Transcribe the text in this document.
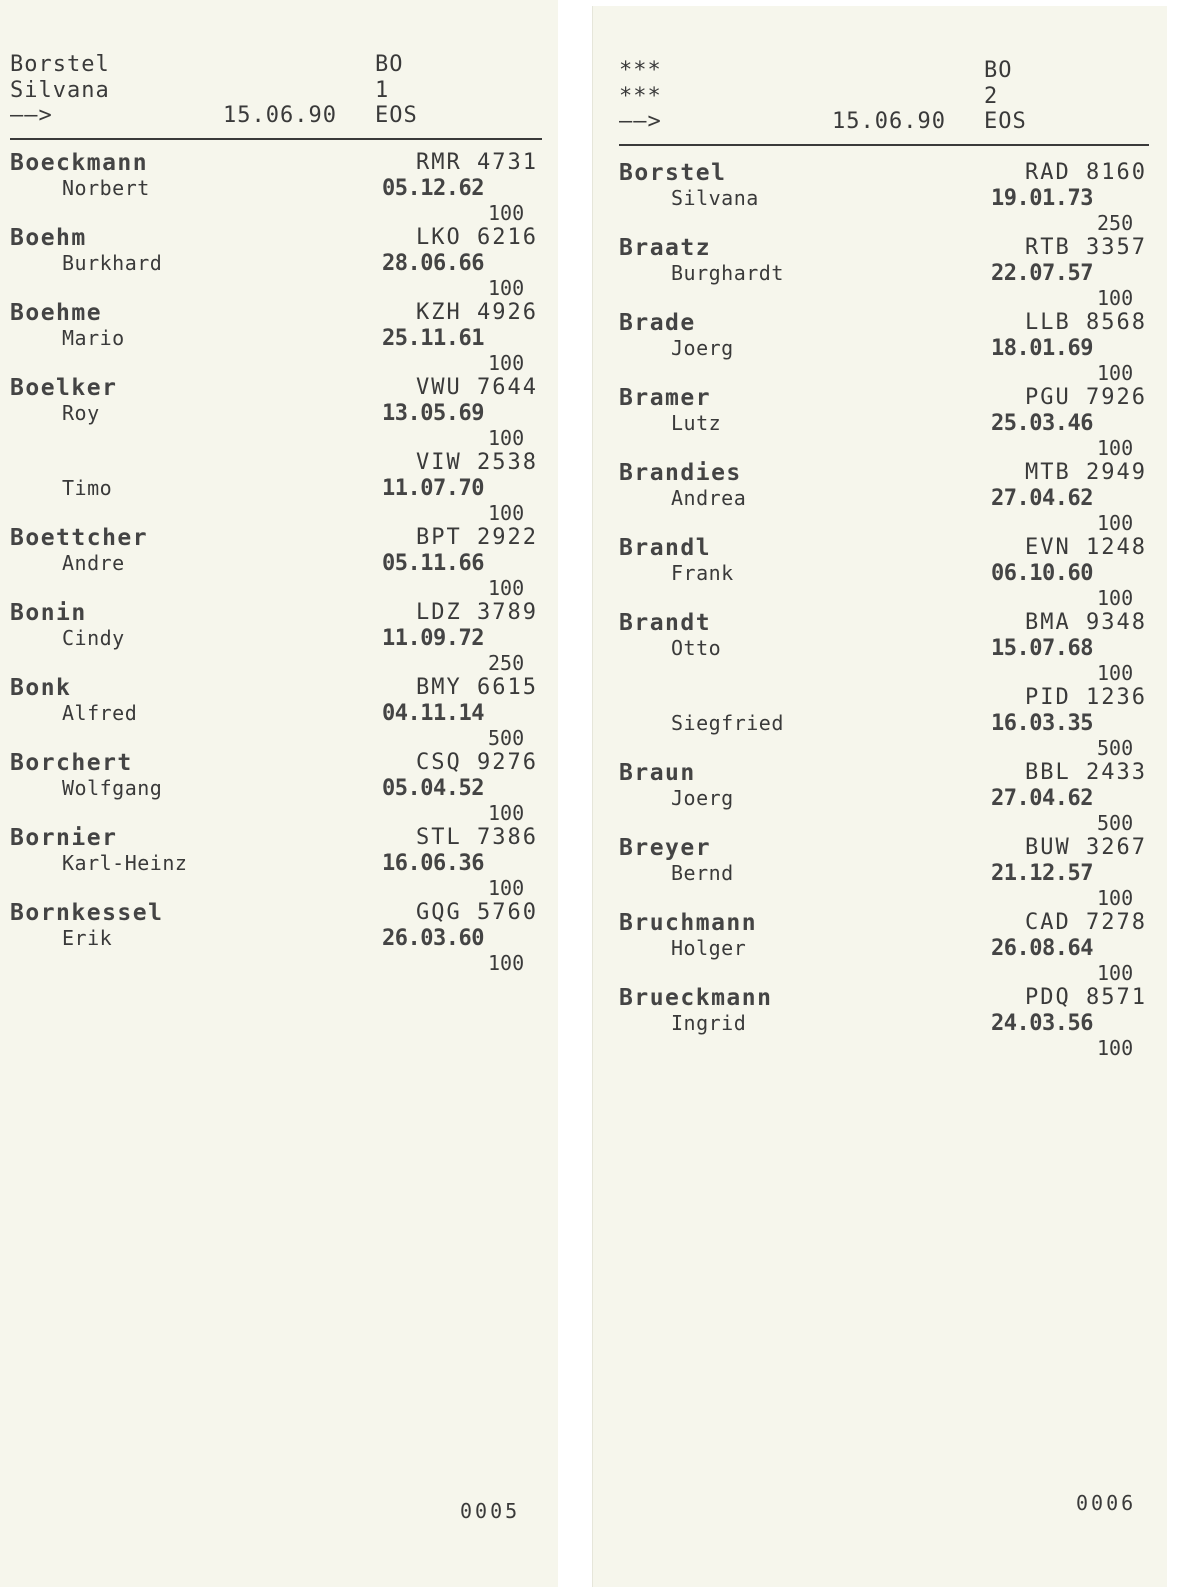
Borstel
Silvana
——>
BO
1
15.06.90 EOS
Boeckmann
Norbert
RMR 4731
05.12.62
100
Boehm
Burkhard
LKO 6216
28.06.66
100
Boehme
Mario
KZH 4926
25.11.61
100
Boelker
Roy
VWU 7644
13.05.69
100
Timo
VIW 2538
11.07.70
100
Boettcher
Andre
BPT 2922
05.11.66
100
Bonin
Cindy
LDZ 3789
11.09.72
250
Bonk
Alfred
BMY 6615
04.11.14
500
Borchert
Wolfgang
CSQ 9276
05.04.52
100
Bornier
Karl-Heinz
STL 7386
16.06.36
100
Bornkessel
Erik
GQG 5760
26.03.60
100
0005
***
***
——>
BO
2
15.06.90 EOS
Borstel
Silvana
RAD 8160
19.01.73
250
Braatz
Burghardt
RTB 3357
22.07.57
100
Brade
Joerg
LLB 8568
18.01.69
100
Bramer
Lutz
PGU 7926
25.03.46
100
Brandies
Andrea
MTB 2949
27.04.62
100
Brandl
Frank
EVN 1248
06.10.60
100
Brandt
Otto
BMA 9348
15.07.68
100
Siegfried
PID 1236
16.03.35
500
Braun
Joerg
BBL 2433
27.04.62
500
Breyer
Bernd
BUW 3267
21.12.57
100
Bruchmann
Holger
CAD 7278
26.08.64
100
Brueckmann
Ingrid
PDQ 8571
24.03.56
100
0006
